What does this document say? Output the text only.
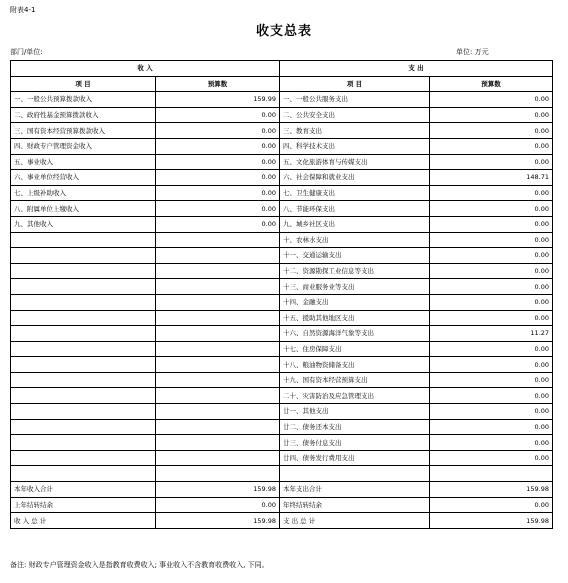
附表4-1
收支总表
部门/单位:	单位: 万元
收 入		支 出	
项 目	预算数	项 目	预算数
一、一般公共预算拨款收入	159.99	一、一般公共服务支出	0.00
二、政府性基金预算拨款收入	0.00	二、公共安全支出	0.00
三、国有资本经营预算拨款收入	0.00	三、教育支出	0.00
四、财政专户管理资金收入	0.00	四、科学技术支出	0.00
五、事业收入	0.00	五、文化旅游体育与传媒支出	0.00
六、事业单位经营收入	0.00	六、社会保障和就业支出	148.71
七、上级补助收入	0.00	七、卫生健康支出	0.00
八、附属单位上缴收入	0.00	八、节能环保支出	0.00
九、其他收入	0.00	九、城乡社区支出	0.00
		十、农林水支出	0.00
		十一、交通运输支出	0.00
		十二、资源勘探工业信息等支出	0.00
		十三、商业服务业等支出	0.00
		十四、金融支出	0.00
		十五、援助其他地区支出	0.00
		十六、自然资源海洋气象等支出	11.27
		十七、住房保障支出	0.00
		十八、粮油物资储备支出	0.00
		十九、国有资本经营预算支出	0.00
		二十、灾害防治及应急管理支出	0.00
		廿一、其他支出	0.00
		廿二、债务还本支出	0.00
		廿三、债务付息支出	0.00
		廿四、债务发行费用支出	0.00

本年收入合计	159.98	本年支出合计	159.98
上年结转结余	0.00	年终结转结余	0.00
收 入 总 计	159.98	支 出 总 计	159.98
备注: 财政专户管理资金收入是指教育收费收入; 事业收入不含教育收费收入, 下同。
